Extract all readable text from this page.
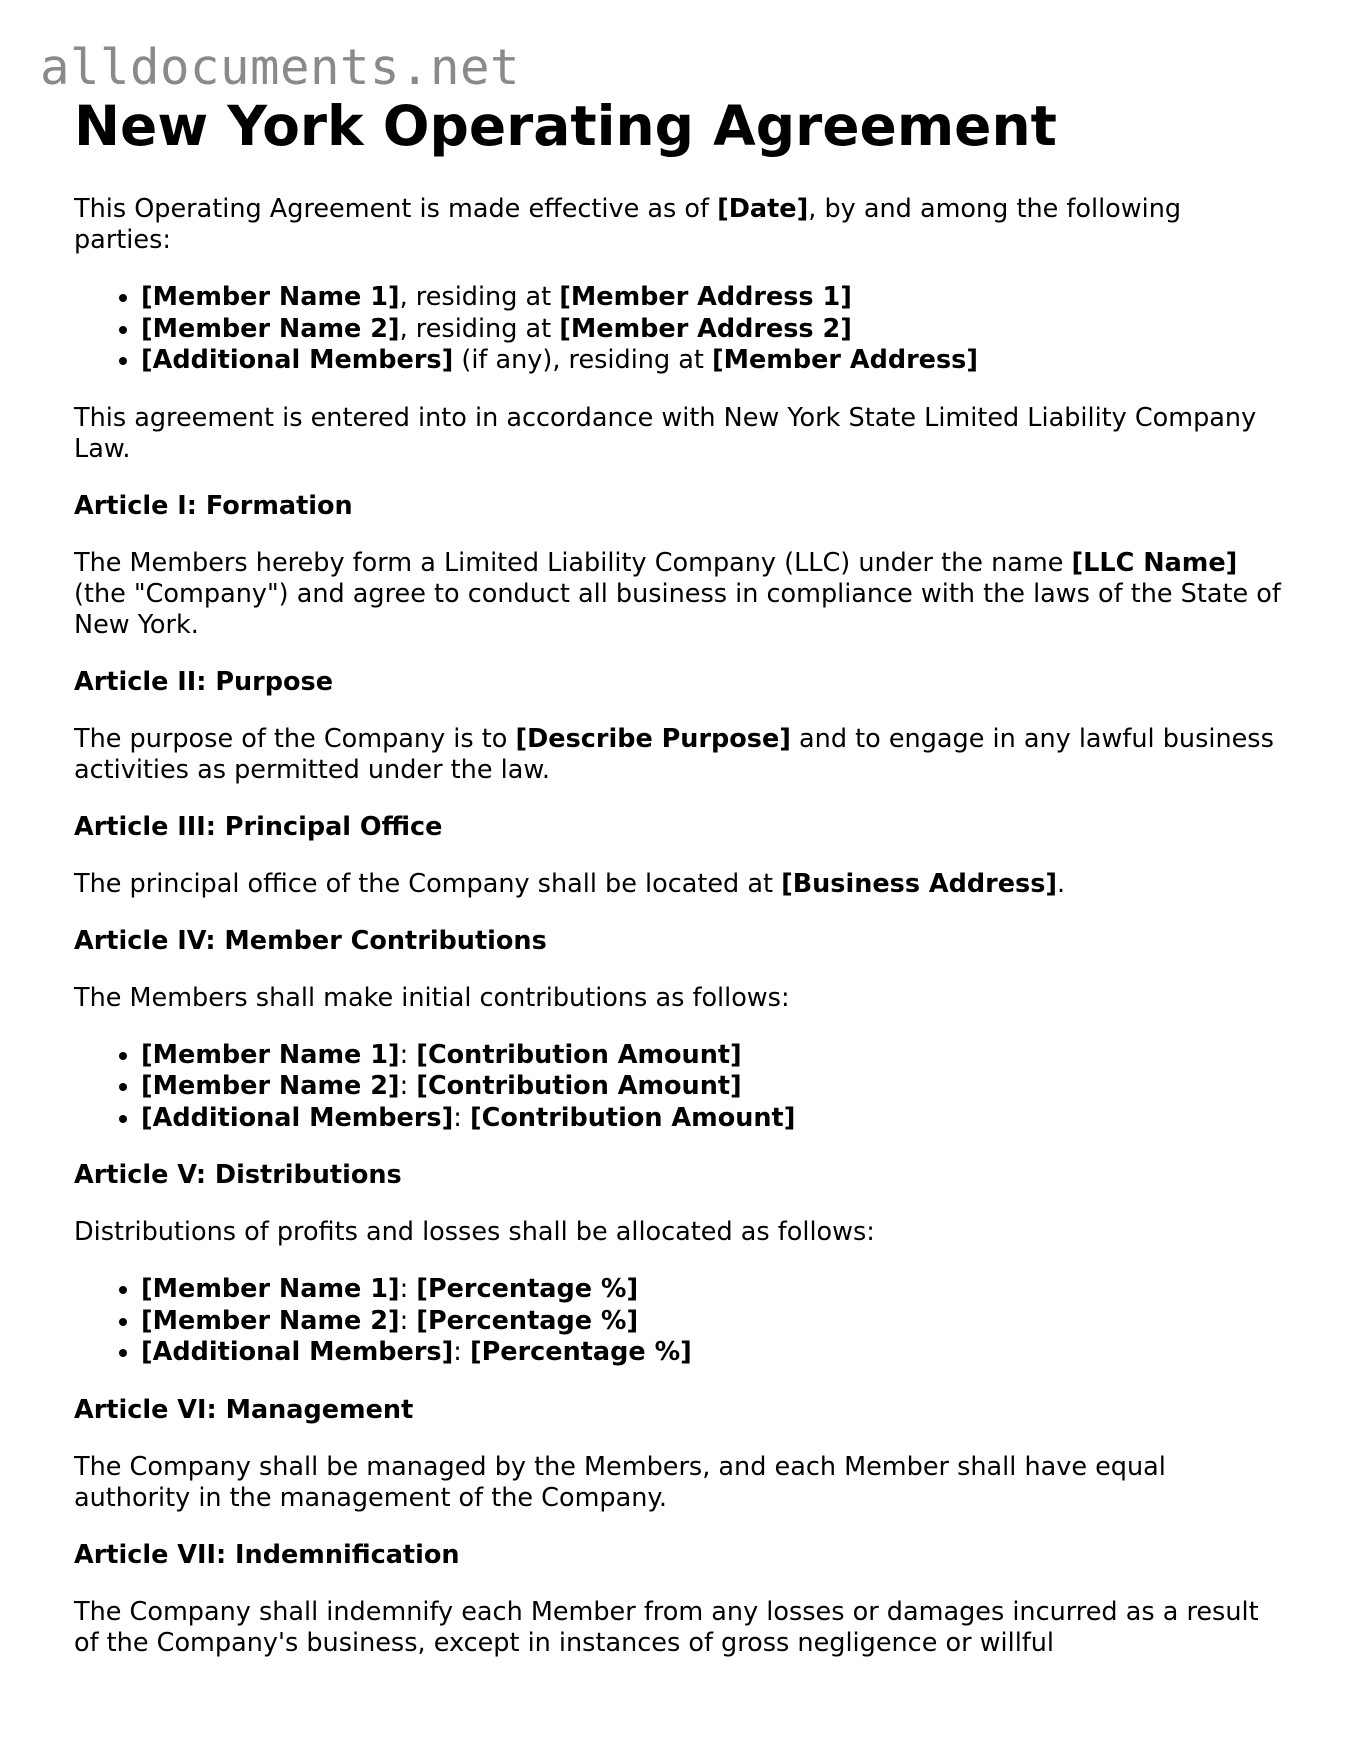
alldocuments.net
New York Operating Agreement

This Operating Agreement is made effective as of [Date], by and among the following parties:

• [Member Name 1], residing at [Member Address 1]
• [Member Name 2], residing at [Member Address 2]
• [Additional Members] (if any), residing at [Member Address]

This agreement is entered into in accordance with New York State Limited Liability Company Law.

Article I: Formation

The Members hereby form a Limited Liability Company (LLC) under the name [LLC Name] (the "Company") and agree to conduct all business in compliance with the laws of the State of New York.

Article II: Purpose

The purpose of the Company is to [Describe Purpose] and to engage in any lawful business activities as permitted under the law.

Article III: Principal Office

The principal office of the Company shall be located at [Business Address].

Article IV: Member Contributions

The Members shall make initial contributions as follows:

• [Member Name 1]: [Contribution Amount]
• [Member Name 2]: [Contribution Amount]
• [Additional Members]: [Contribution Amount]

Article V: Distributions

Distributions of profits and losses shall be allocated as follows:

• [Member Name 1]: [Percentage %]
• [Member Name 2]: [Percentage %]
• [Additional Members]: [Percentage %]

Article VI: Management

The Company shall be managed by the Members, and each Member shall have equal authority in the management of the Company.

Article VII: Indemnification

The Company shall indemnify each Member from any losses or damages incurred as a result of the Company's business, except in instances of gross negligence or willful
